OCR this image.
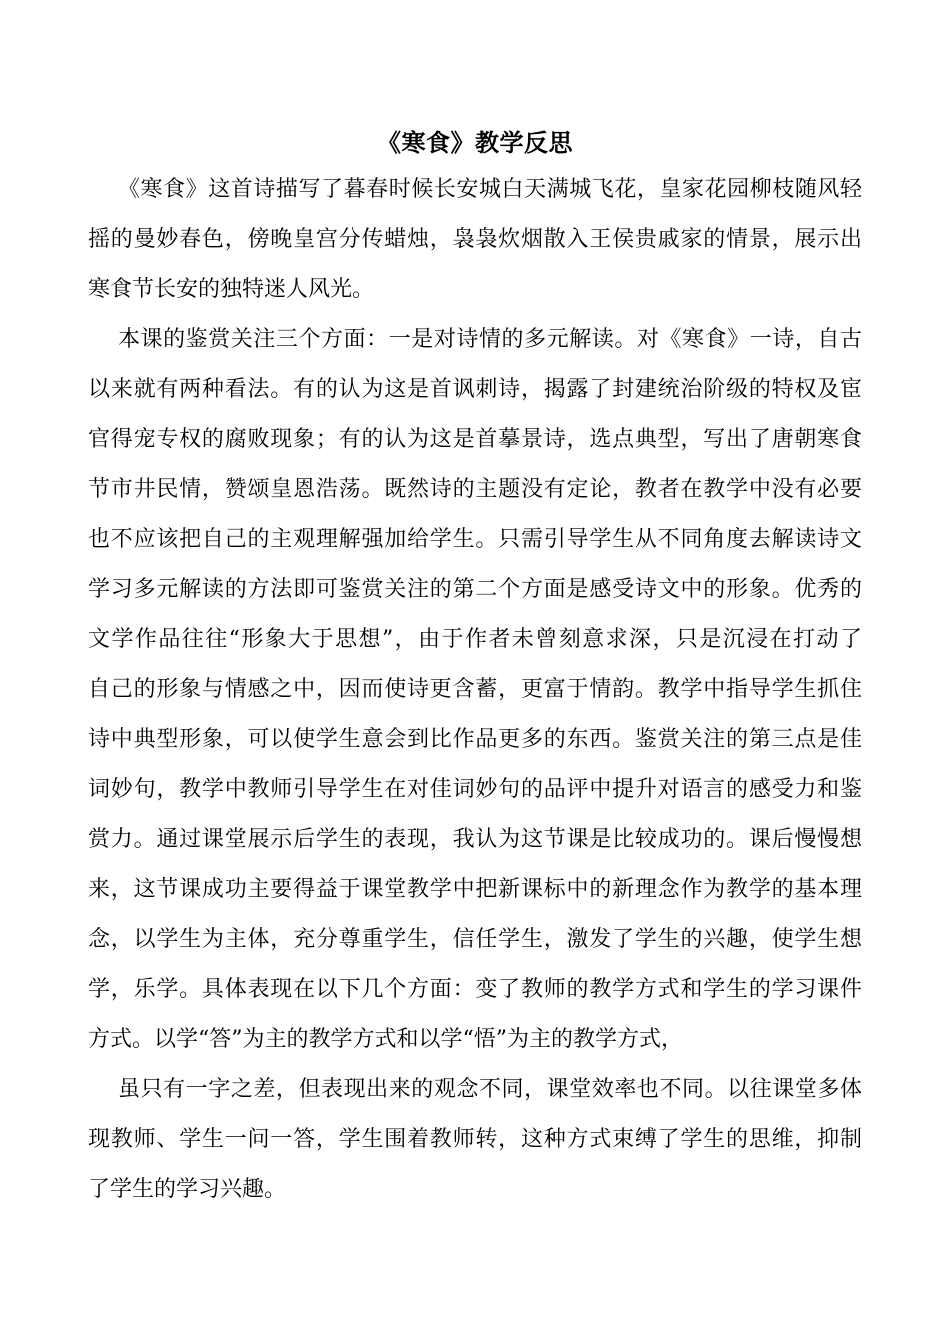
《寒食》教学反思
《寒食》这首诗描写了暮春时候长安城白天满城飞花，皇家花园柳枝随风轻
摇的曼妙春色，傍晚皇宫分传蜡烛，袅袅炊烟散入王侯贵戚家的情景，展示出
寒食节长安的独特迷人风光。
本课的鉴赏关注三个方面：一是对诗情的多元解读。对《寒食》一诗，自古
以来就有两种看法。有的认为这是首讽刺诗，揭露了封建统治阶级的特权及宦
官得宠专权的腐败现象；有的认为这是首摹景诗，选点典型，写出了唐朝寒食
节市井民情，赞颂皇恩浩荡。既然诗的主题没有定论，教者在教学中没有必要
也不应该把自己的主观理解强加给学生。只需引导学生从不同角度去解读诗文
学习多元解读的方法即可鉴赏关注的第二个方面是感受诗文中的形象。优秀的
文学作品往往“形象大于思想”，由于作者未曾刻意求深，只是沉浸在打动了
自己的形象与情感之中，因而使诗更含蓄，更富于情韵。教学中指导学生抓住
诗中典型形象，可以使学生意会到比作品更多的东西。鉴赏关注的第三点是佳
词妙句，教学中教师引导学生在对佳词妙句的品评中提升对语言的感受力和鉴
赏力。通过课堂展示后学生的表现，我认为这节课是比较成功的。课后慢慢想
来，这节课成功主要得益于课堂教学中把新课标中的新理念作为教学的基本理
念，以学生为主体，充分尊重学生，信任学生，激发了学生的兴趣，使学生想
学，乐学。具体表现在以下几个方面：变了教师的教学方式和学生的学习课件
方式。以学“答”为主的教学方式和以学“悟”为主的教学方式，
虽只有一字之差，但表现出来的观念不同，课堂效率也不同。以往课堂多体
现教师、学生一问一答，学生围着教师转，这种方式束缚了学生的思维，抑制
了学生的学习兴趣。
